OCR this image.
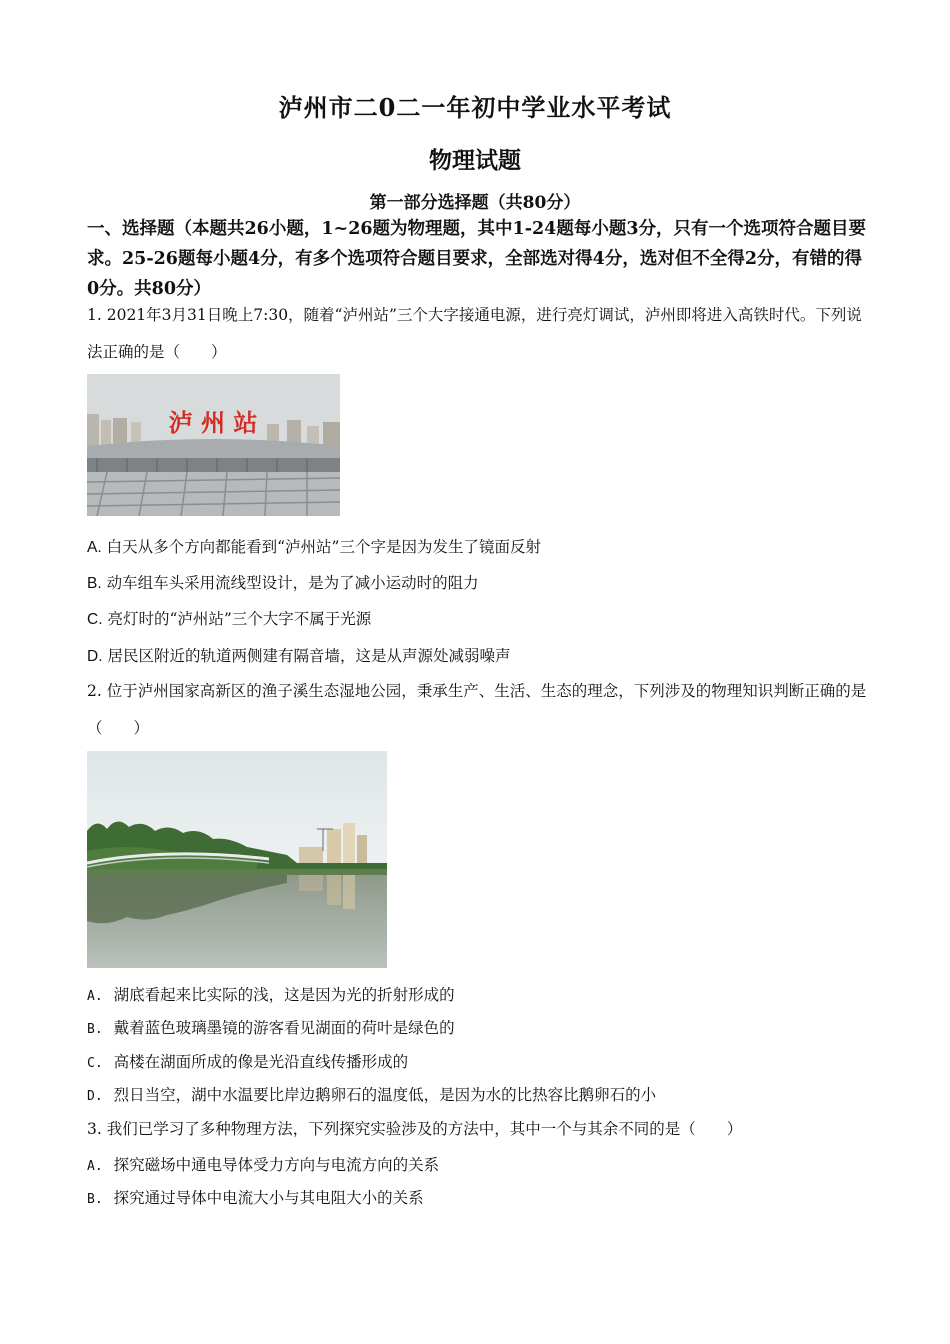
泸州市二0二一年初中学业水平考试
物理试题
第一部分选择题（共80分）
一、选择题（本题共26小题，1~26题为物理题，其中1-24题每小题3分，只有一个选项符合题目要求。25-26题每小题4分，有多个选项符合题目要求，全部选对得4分，选对但不全得2分，有错的得0分。共80分）
1. 2021年3月31日晚上7:30，随着“泸州站”三个大字接通电源，进行亮灯调试，泸州即将进入高铁时代。下列说法正确的是（　　）
泸 州 站
A. 白天从多个方向都能看到“泸州站”三个字是因为发生了镜面反射
B. 动车组车头采用流线型设计，是为了减小运动时的阻力
C. 亮灯时的“泸州站”三个大字不属于光源
D. 居民区附近的轨道两侧建有隔音墙，这是从声源处减弱噪声
2. 位于泸州国家高新区的渔子溪生态湿地公园，秉承生产、生活、生态的理念，下列涉及的物理知识判断正确的是（　　）
A. 湖底看起来比实际的浅，这是因为光的折射形成的
B. 戴着蓝色玻璃墨镜的游客看见湖面的荷叶是绿色的
C. 高楼在湖面所成的像是光沿直线传播形成的
D. 烈日当空，湖中水温要比岸边鹅卵石的温度低，是因为水的比热容比鹅卵石的小
3. 我们已学习了多种物理方法，下列探究实验涉及的方法中，其中一个与其余不同的是（　　）
A. 探究磁场中通电导体受力方向与电流方向的关系
B. 探究通过导体中电流大小与其电阻大小的关系
